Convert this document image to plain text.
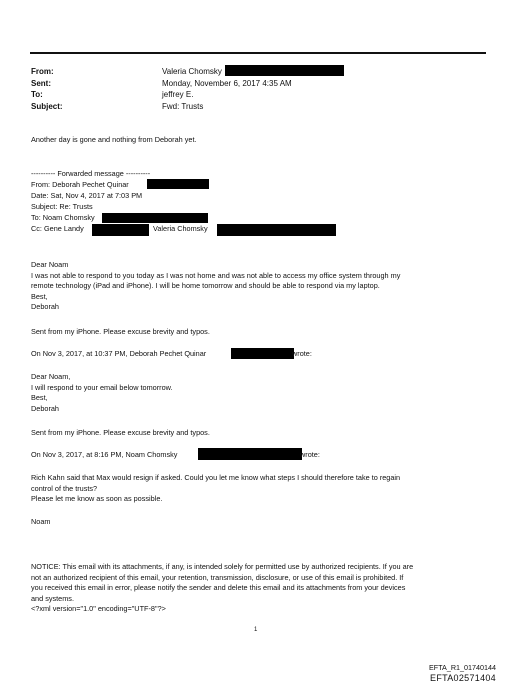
From:	Valeria Chomsky
Sent:	Monday, November 6, 2017 4:35 AM
To:	jeffrey E.
Subject:	Fwd: Trusts
Another day is gone and nothing from Deborah yet.
---------- Forwarded message ----------
From: Deborah Pechet Quinar
Date: Sat, Nov 4, 2017 at 7:03 PM
Subject: Re: Trusts
To: Noam Chomsky
Cc: Gene Landy	Valeria Chomsky
Dear Noam
I was not able to respond to you today as I was not home and was not able to access my office system through my
remote technology (iPad and iPhone). I will be home tomorrow and should be able to respond via my laptop.
Best,
Deborah
Sent from my iPhone. Please excuse brevity and typos.
On Nov 3, 2017, at 10:37 PM, Deborah Pechet Quinar	wrote:
Dear Noam,
I will respond to your email below tomorrow.
Best,
Deborah
Sent from my iPhone. Please excuse brevity and typos.
On Nov 3, 2017, at 8:16 PM, Noam Chomsky	wrote:
Rich Kahn said that Max would resign if asked. Could you let me know what steps I should therefore take to regain
control of the trusts?
Please let me know as soon as possible.
Noam
NOTICE: This email with its attachments, if any, is intended solely for permitted use by authorized recipients. If you are
not an authorized recipient of this email, your retention, transmission, disclosure, or use of this email is prohibited. If
you received this email in error, please notify the sender and delete this email and its attachments from your devices
and systems.
<?xml version="1.0" encoding="UTF-8"?>
1
EFTA_R1_01740144
EFTA02571404
